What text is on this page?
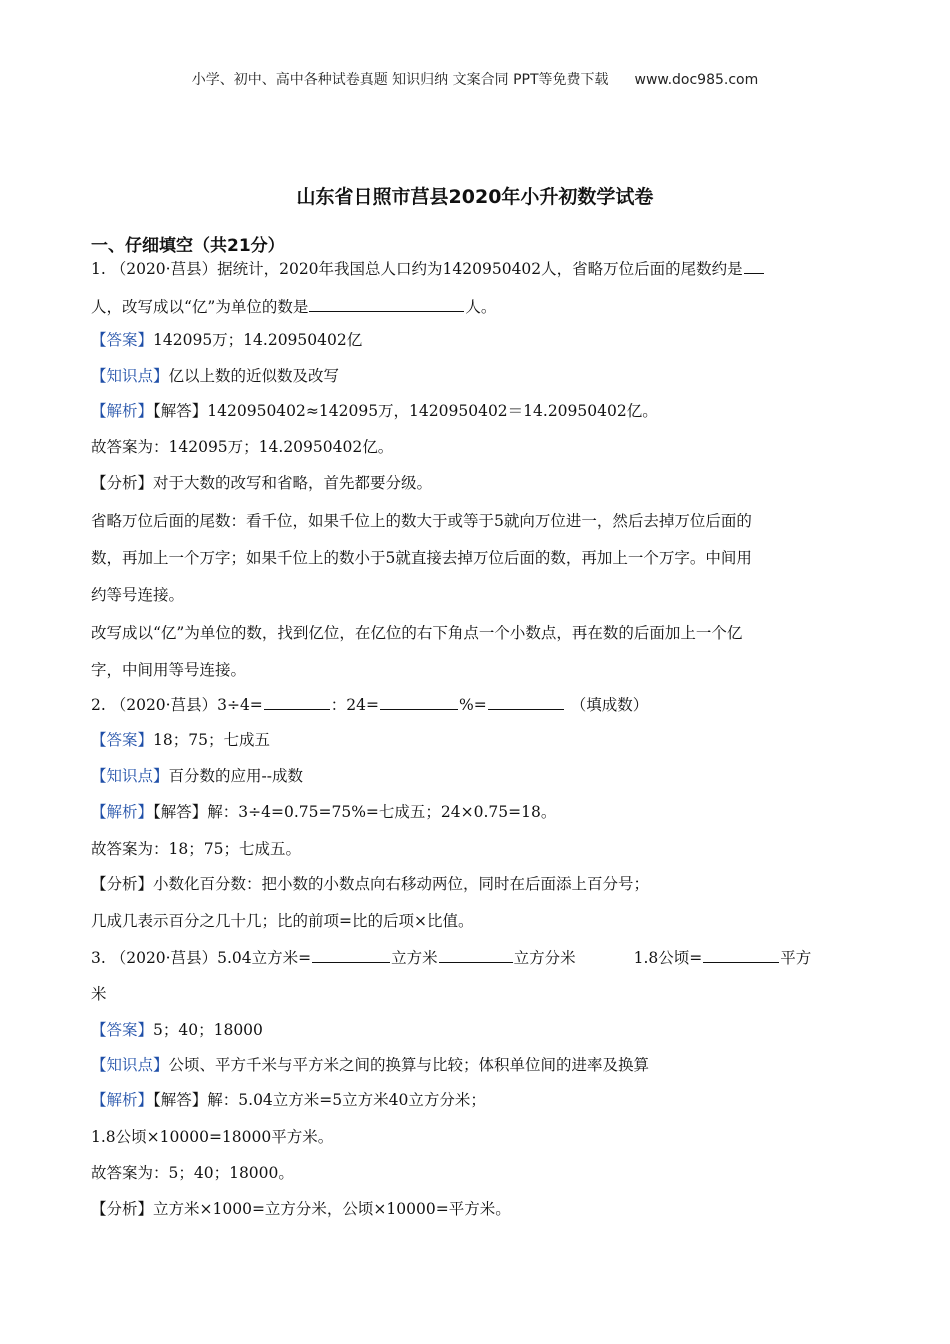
小学、初中、高中各种试卷真题 知识归纳 文案合同 PPT等免费下载 www.doc985.com
山东省日照市莒县2020年小升初数学试卷
一、仔细填空（共21分）
1. （2020·莒县）据统计，2020年我国总人口约为1420950402人，省略万位后面的尾数约是
人，改写成以“亿”为单位的数是	人。
【答案】142095万；14.20950402亿
【知识点】亿以上数的近似数及改写
【解析】【解答】1420950402≈142095万，1420950402＝14.20950402亿。
故答案为：142095万；14.20950402亿。
【分析】对于大数的改写和省略，首先都要分级。
省略万位后面的尾数：看千位，如果千位上的数大于或等于5就向万位进一，然后去掉万位后面的
数，再加上一个万字；如果千位上的数小于5就直接去掉万位后面的数，再加上一个万字。中间用
约等号连接。
改写成以“亿”为单位的数，找到亿位，在亿位的右下角点一个小数点，再在数的后面加上一个亿
字，中间用等号连接。
2. （2020·莒县）3÷4=	：24=	%=	（填成数）
【答案】18；75；七成五
【知识点】百分数的应用--成数
【解析】【解答】解：3÷4=0.75=75%=七成五；24×0.75=18。
故答案为：18；75；七成五。
【分析】小数化百分数：把小数的小数点向右移动两位，同时在后面添上百分号；
几成几表示百分之几十几；比的前项=比的后项×比值。
3. （2020·莒县）5.04立方米=	立方米	立方分米	1.8公顷=	平方
米
【答案】5；40；18000
【知识点】公顷、平方千米与平方米之间的换算与比较；体积单位间的进率及换算
【解析】【解答】解：5.04立方米=5立方米40立方分米；
1.8公顷×10000=18000平方米。
故答案为：5；40；18000。
【分析】立方米×1000=立方分米，公顷×10000=平方米。
